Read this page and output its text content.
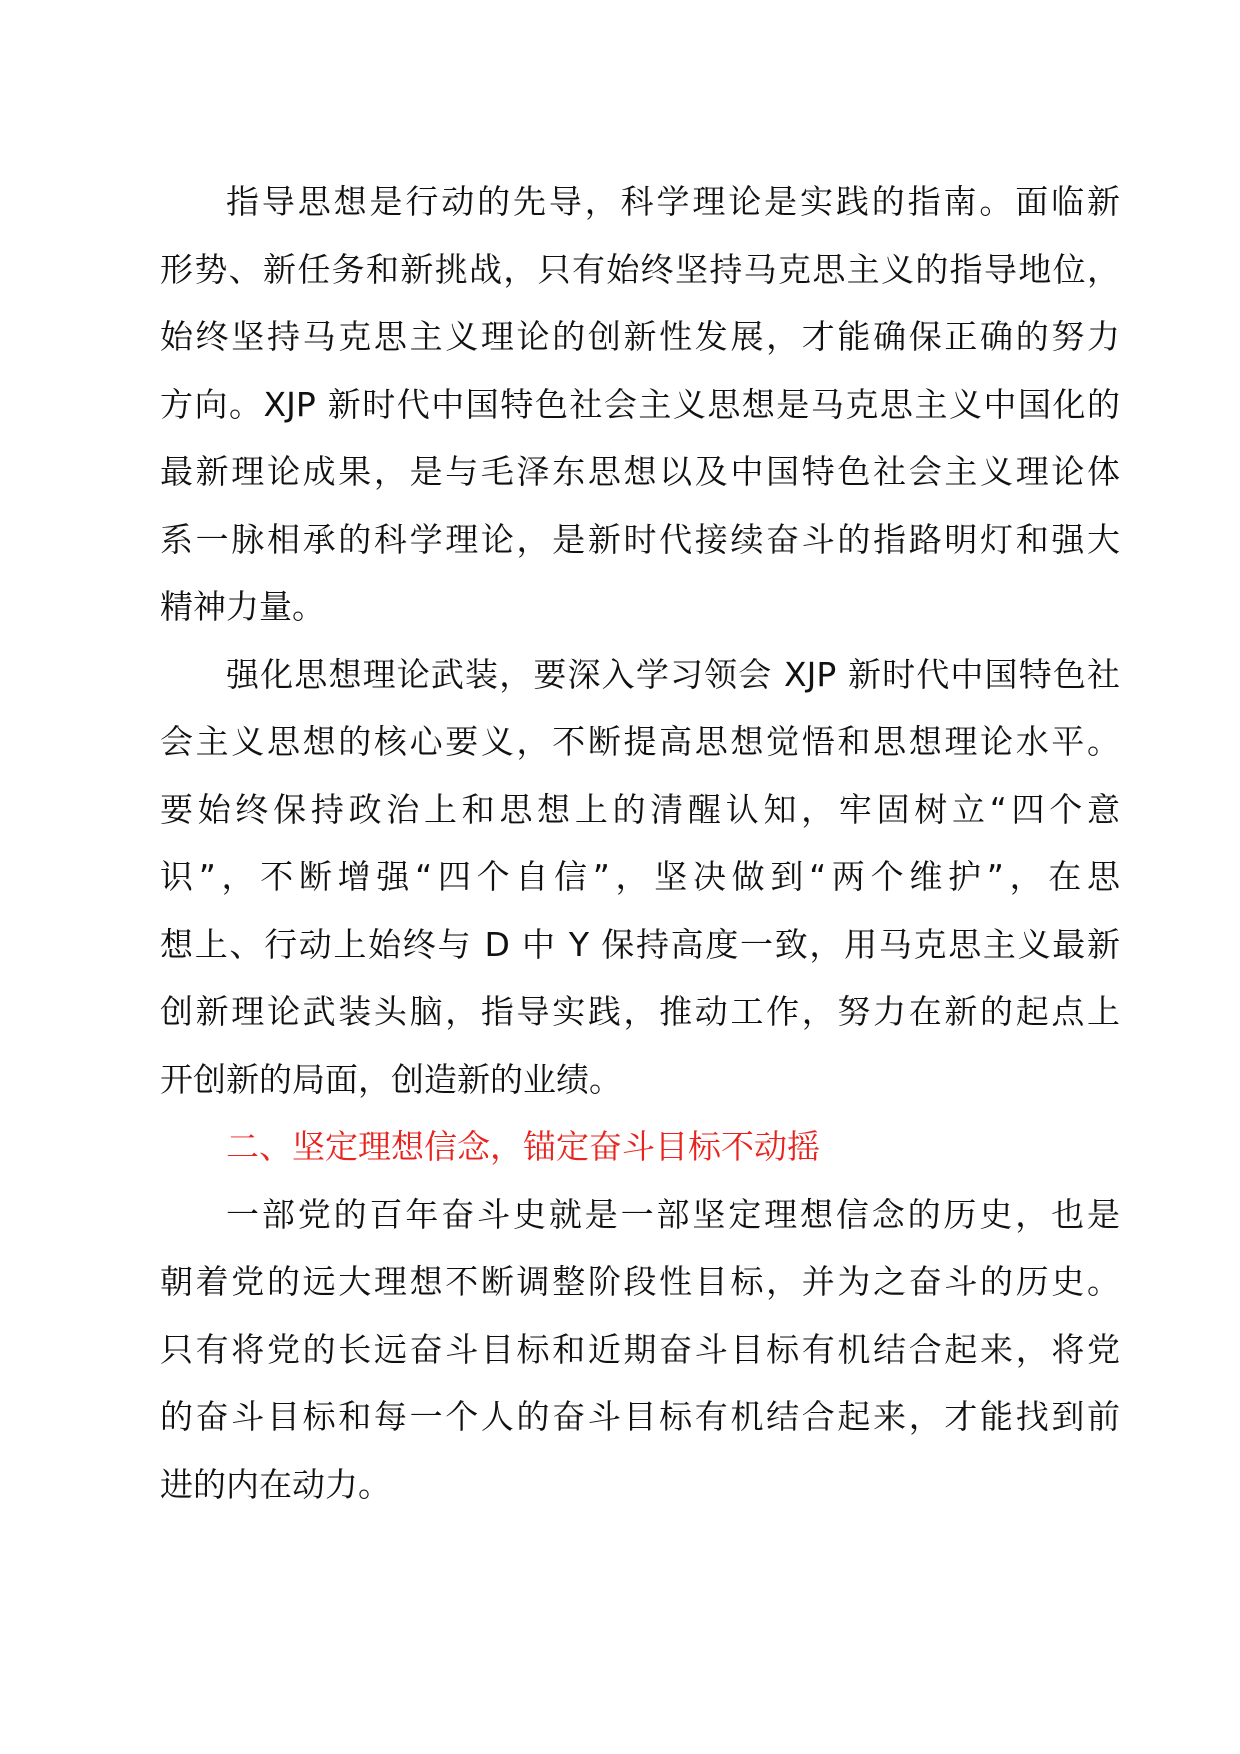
指导思想是行动的先导，科学理论是实践的指南。面临新
形势、新任务和新挑战，只有始终坚持马克思主义的指导地位，
始终坚持马克思主义理论的创新性发展，才能确保正确的努力
方向。XJP 新时代中国特色社会主义思想是马克思主义中国化的
最新理论成果，是与毛泽东思想以及中国特色社会主义理论体
系一脉相承的科学理论，是新时代接续奋斗的指路明灯和强大
精神力量。
强化思想理论武装，要深入学习领会 XJP 新时代中国特色社
会主义思想的核心要义，不断提高思想觉悟和思想理论水平。
要始终保持政治上和思想上的清醒认知，牢固树立“四个意
识”，不断增强“四个自信”，坚决做到“两个维护”，在思
想上、行动上始终与 D 中 Y 保持高度一致，用马克思主义最新
创新理论武装头脑，指导实践，推动工作，努力在新的起点上
开创新的局面，创造新的业绩。
二、坚定理想信念，锚定奋斗目标不动摇
一部党的百年奋斗史就是一部坚定理想信念的历史，也是
朝着党的远大理想不断调整阶段性目标，并为之奋斗的历史。
只有将党的长远奋斗目标和近期奋斗目标有机结合起来，将党
的奋斗目标和每一个人的奋斗目标有机结合起来，才能找到前
进的内在动力。
